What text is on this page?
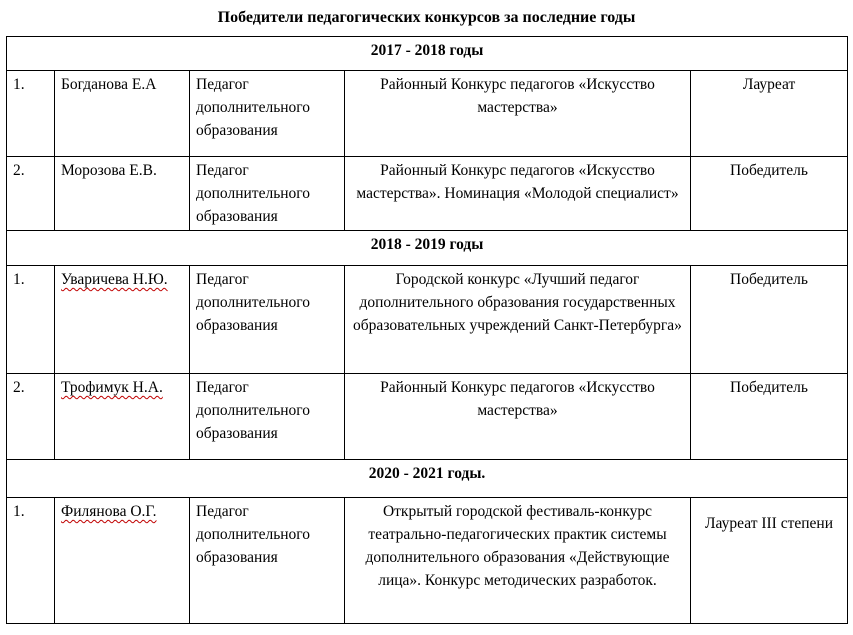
Победители педагогических конкурсов за последние годы
2017 - 2018 годы				
1.	Богданова Е.А	Педагог дополнительного образования	Районный Конкурс педагогов «Искусство мастерства»	Лауреат
2.	Морозова Е.В.	Педагог дополнительного образования	Районный Конкурс педагогов «Искусство мастерства». Номинация «Молодой специалист»	Победитель
2018 - 2019 годы				
1.	Уваричева Н.Ю.	Педагог дополнительного образования	Городской конкурс «Лучший педагог дополнительного образования государственных образовательных учреждений Санкт-Петербурга»	Победитель
2.	Трофимук Н.А.	Педагог дополнительного образования	Районный Конкурс педагогов «Искусство мастерства»	Победитель
2020 - 2021 годы.				
1.	Филянова О.Г.	Педагог дополнительного образования	Открытый городской фестиваль-конкурс театрально-педагогических практик системы дополнительного образования «Действующие лица». Конкурс методических разработок.	Лауреат III степени
